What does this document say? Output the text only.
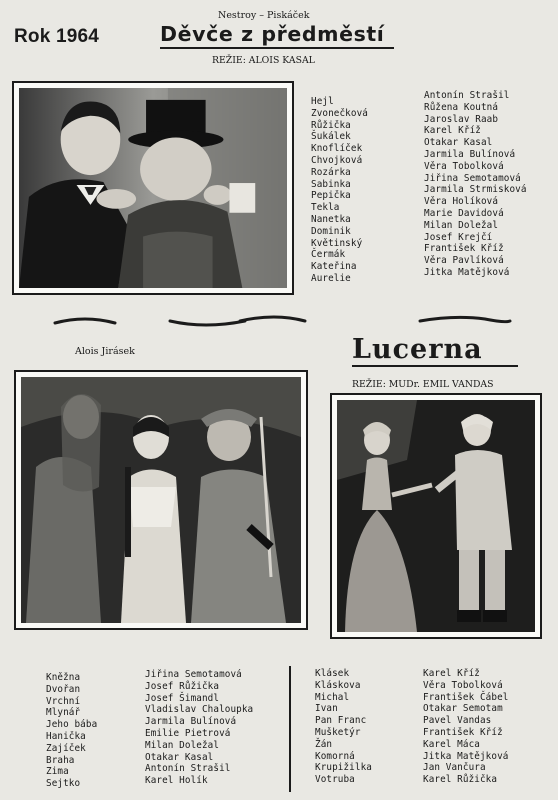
Rok 1964
Nestroy – Piskáček
Děvče z předměstí
REŽIE: ALOIS KASAL
Hejl
Zvonečková
Růžička
Šukálek
Knoflíček
Chvojková
Rozárka
Sabinka
Pepička
Tekla
Nanetka
Dominik
Květinský
Čermák
Kateřina
Aurelie
Antonín Strašil
Růžena Koutná
Jaroslav Raab
Karel Kříž
Otakar Kasal
Jarmila Bulínová
Věra Tobolková
Jiřina Semotamová
Jarmila Strmisková
Věra Holíková
Marie Davidová
Milan Doležal
Josef Krejčí
František Kříž
Věra Pavlíková
Jitka Matějková
Alois Jirásek	Lucerna
REŽIE: MUDr. EMIL VANDAS
Kněžna
Dvořan
Vrchní
Mlynář
Jeho bába
Hanička
Zajíček
Braha
Zima
Sejtko
Jiřina Semotamová
Josef Růžička
Josef Šimandl
Vladislav Chaloupka
Jarmila Bulínová
Emilie Pietrová
Milan Doležal
Otakar Kasal
Antonín Strašil
Karel Holík
Klásek
Kláskova
Michal
Ivan
Pan Franc
Mušketýr
Žán
Komorná
Krupižilka
Votruba
Karel Kříž
Věra Tobolková
František Čábel
Otakar Semotam
Pavel Vandas
František Kříž
Karel Máca
Jitka Matějková
Jan Vančura
Karel Růžička
